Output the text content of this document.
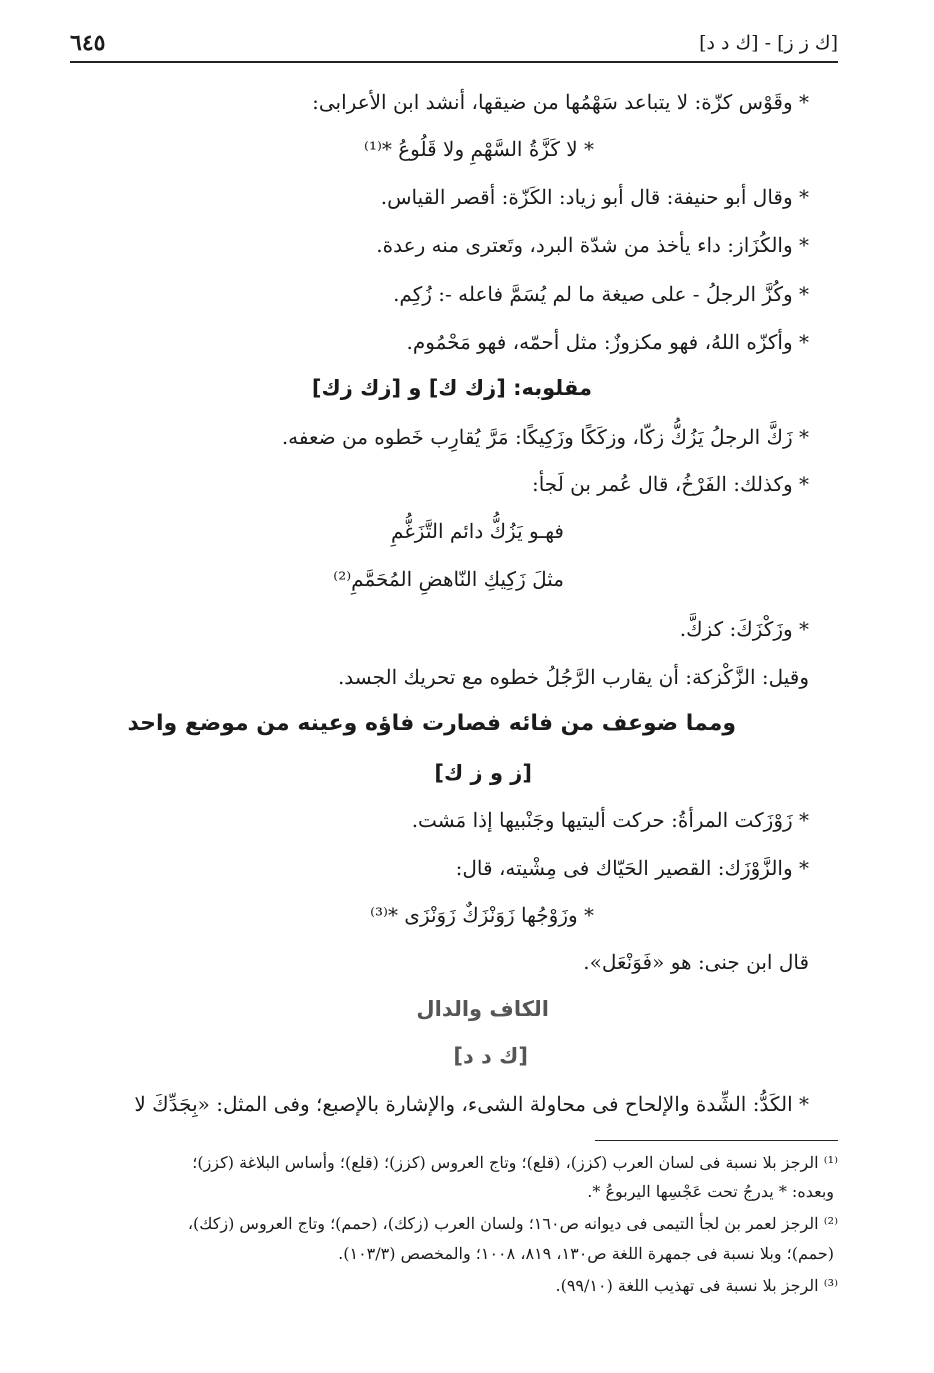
[ك ز ز] - [ك د د]
٦٤٥
* وقَوْس كزّة: لا يتباعد سَهْمُها من ضيقها، أنشد ابن الأعرابى:
* لا كَزَّةُ السَّهْمِ ولا قَلُوعُ *⁽¹⁾
* وقال أبو حنيفة: قال أبو زياد: الكَزّة: أقصر القياس.
* والكُزَاز: داء يأخذ من شدّة البرد، وتَعترى منه رعدة.
* وكُزَّ الرجلُ - على صيغة ما لم يُسَمَّ فاعله -: زُكِم.
* وأكزّه اللهُ، فهو مكزوزٌ: مثل أحمّه، فهو مَحْمُوم.
مقلوبه: [زك ك] و [زك زك]
* زَكَّ الرجلُ يَزُكُّ زكّا، وزكَكًا وزَكِيكًا: مَرَّ يُقارِب خَطوه من ضعفه.
* وكذلك: الفَرْخُ، قال عُمر بن لَجأ:
فهـو يَزُكُّ دائم التَّزَغُّمِ
مثلَ زَكِيكِ النّاهضِ المُحَمَّمِ⁽²⁾
* وزَكْزَكَ: كزكَّ.
وقيل: الزَّكْزكة: أن يقارب الرَّجُلُ خطوه مع تحريك الجسد.
ومما ضوعف من فائه فصارت فاؤه وعينه من موضع واحد
[ز و ز ك]
* زَوْزَكت المرأةُ: حركت أليتيها وجَنْبيها إذا مَشت.
* والزَّوْزَك: القصير الحَيّاك فى مِشْيته، قال:
* وزَوْجُها زَوَنْزَكٌ زَوَنْزَى *⁽³⁾
قال ابن جنى: هو «فَوَنْعَل».
الكاف والدال
[ك د د]
* الكَدُّ: الشِّدة والإلحاح فى محاولة الشىء، والإشارة بالإصبع؛ وفى المثل: «بِجَدِّكَ لا
⁽¹⁾ الرجز بلا نسبة فى لسان العرب (كزز)، (قلع)؛ وتاج العروس (كزز)؛ (قلع)؛ وأساس البلاغة (كزز)؛
وبعده: * يدرجُ تحت عَجْسِها اليربوعُ *.
⁽²⁾ الرجز لعمر بن لجأ التيمى فى ديوانه ص١٦٠؛ ولسان العرب (زكك)، (حمم)؛ وتاج العروس (زكك)،
(حمم)؛ وبلا نسبة فى جمهرة اللغة ص١٣٠، ٨١٩، ١٠٠٨؛ والمخصص (١٠٣/٣).
⁽³⁾ الرجز بلا نسبة فى تهذيب اللغة (٩٩/١٠).
